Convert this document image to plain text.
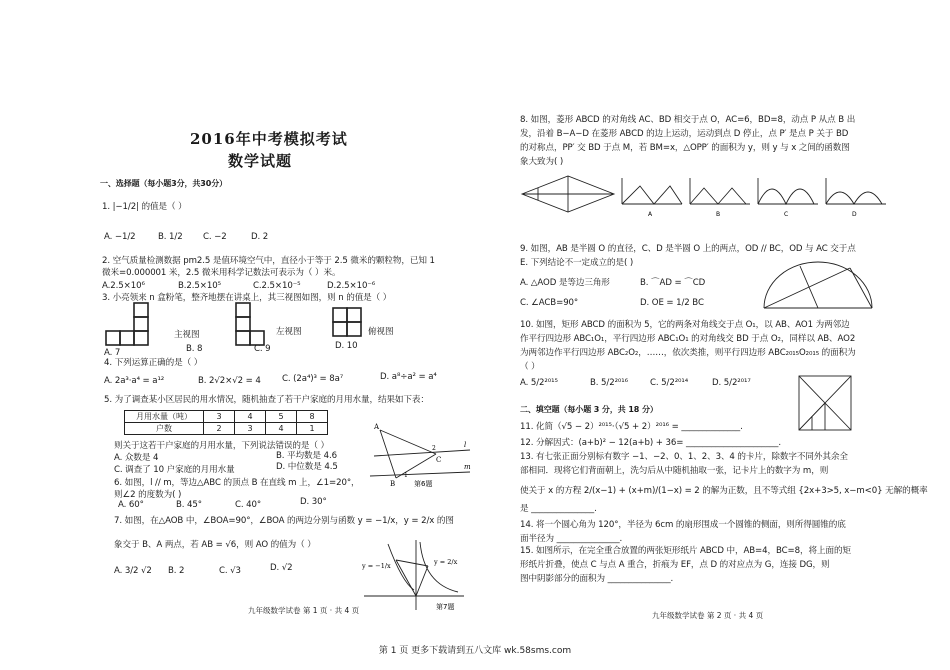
2016年中考模拟考试
数学试题
一、选择题（每小题3分，共30分）
1. |−1/2| 的值是（ ）
A. −1/2	B. 1/2 C. −2	D. 2
2. 空气质量检测数据 pm2.5 是值环境空气中，直径小于等于 2.5 微米的颗粒物，已知 1
微米=0.000001 米，2.5 微米用科学记数法可表示为（ ）米。
A.2.5×10⁶	B.2.5×10⁵	C.2.5×10⁻⁵	D.2.5×10⁻⁶
3. 小亮领来 n 盒粉笔，整齐地摆在讲桌上，其三视图如图，则 n 的值是（ ）
主视图	左视图	俯视图
A. 7	B. 8	C. 9	D. 10
4. 下列运算正确的是（ ）
A. 2a³·a⁴ = a¹²	B. 2√2×√2 = 4 C. (2a⁴)³ = 8a⁷	D. a⁸÷a² = a⁴
5. 为了调查某小区居民的用水情况，随机抽查了若干户家庭的月用水量，结果如下表：
月用水量（吨）	3	4	5	8
户数	2	3	4	1
则关于这若干户家庭的月用水量，下列说法错误的是（ ）
A. 众数是 4	B. 平均数是 4.6
C. 调查了 10 户家庭的月用水量	D. 中位数是 4.5
6. 如图，l // m，等边△ABC 的顶点 B 在直线 m 上，∠1=20°，
则∠2 的度数为( )
A. 60°	B. 45°	C. 40°	D. 30°
A
B
C
l
m
1
2
第6题
7. 如图，在△AOB 中，∠BOA=90°，∠BOA 的两边分别与函数 y = −1/x，y = 2/x 的图
象交于 B、A 两点，若 AB = √6，则 AO 的值为（ ）
A. 3/2 √2 B. 2	C. √3	D. √2	y = −1/x	y = 2/x
第7题
九年级数学试卷 第 1 页 · 共 4 页
8. 如图，菱形 ABCD 的对角线 AC、BD 相交于点 O，AC=6，BD=8，动点 P 从点 B 出
发，沿着 B−A−D 在菱形 ABCD 的边上运动，运动到点 D 停止，点 P′ 是点 P 关于 BD
的对称点，PP′ 交 BD 于点 M，若 BM=x，△OPP′ 的面积为 y，则 y 与 x 之间的函数图
象大致为( )
A	B	C	D
9. 如图，AB 是半圆 O 的直径，C、D 是半圆 O 上的两点，OD // BC，OD 与 AC 交于点
E. 下列结论不一定成立的是( )
A. △AOD 是等边三角形	B. ⌒AD = ⌒CD
C. ∠ACB=90°	D. OE = 1/2 BC
10. 如图，矩形 ABCD 的面积为 5，它的两条对角线交于点 O₁，以 AB、AO1 为两邻边
作平行四边形 ABC₁O₁，平行四边形 ABC₁O₁ 的对角线交 BD 于点 O₂，同样以 AB、AO2
为两邻边作平行四边形 ABC₂O₂，……，依次类推，则平行四边形 ABC₂₀₁₅O₂₀₁₅ 的面积为
（ ）
A. 5/2²⁰¹⁵	B. 5/2²⁰¹⁶	C. 5/2²⁰¹⁴	D. 5/2²⁰¹⁷
二、填空题（每小题 3 分，共 18 分）
11. 化简（√5 − 2）²⁰¹⁵·（√5 + 2）²⁰¹⁶ = ______________.
12. 分解因式：(a+b)² − 12(a+b) + 36= ______________________.
13. 有七张正面分别标有数字 −1、−2、0、1、2、3、4 的卡片，除数字不同外其余全
部相同．现将它们背面朝上，洗匀后从中随机抽取一张，记卡片上的数字为 m，则
使关于 x 的方程 2/(x−1) + (x+m)/(1−x) = 2 的解为正数，且不等式组 {2x+3>5, x−m<0} 无解的概率
是 _______________.
14. 将一个圆心角为 120°，半径为 6cm 的扇形围成一个圆锥的侧面，则所得圆锥的底
面半径为 _______________.
15. 如图所示，在完全重合放置的两张矩形纸片 ABCD 中，AB=4，BC=8，将上面的矩
形纸片折叠，使点 C 与点 A 重合，折痕为 EF，点 D 的对应点为 G，连接 DG，则
图中阴影部分的面积为 _______________.
九年级数学试卷 第 2 页 · 共 4 页
第 1 页 更多下载请到五八文库 wk.58sms.com
